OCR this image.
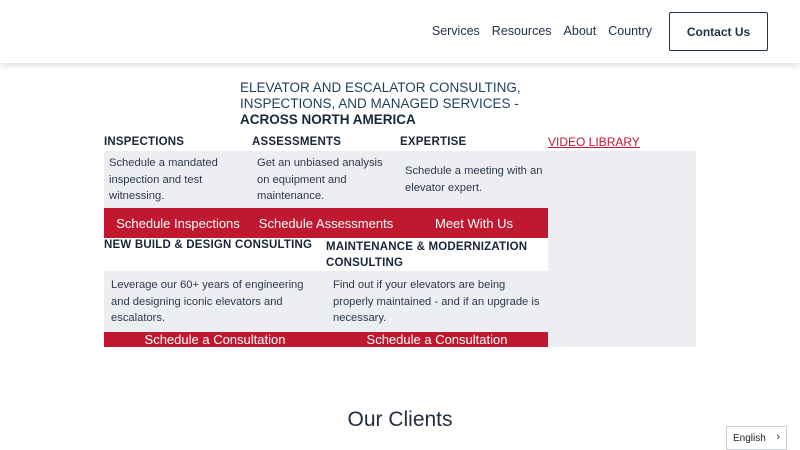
Services Resources About Country	Contact Us
ELEVATOR AND ESCALATOR CONSULTING, INSPECTIONS, AND MANAGED SERVICES - ACROSS NORTH AMERICA
INSPECTIONS	ASSESSMENTS	EXPERTISE	VIDEO LIBRARY
Schedule a mandated inspection and test witnessing.
Get an unbiased analysis on equipment and maintenance.
Schedule a meeting with an elevator expert.
Schedule Inspections	Schedule Assessments	Meet With Us
NEW BUILD & DESIGN CONSULTING MAINTENANCE & MODERNIZATION CONSULTING
Leverage our 60+ years of engineering and designing iconic elevators and escalators.
Find out if your elevators are being properly maintained - and if an upgrade is necessary.
Schedule a Consultation	Schedule a Consultation
Our Clients
English ›
